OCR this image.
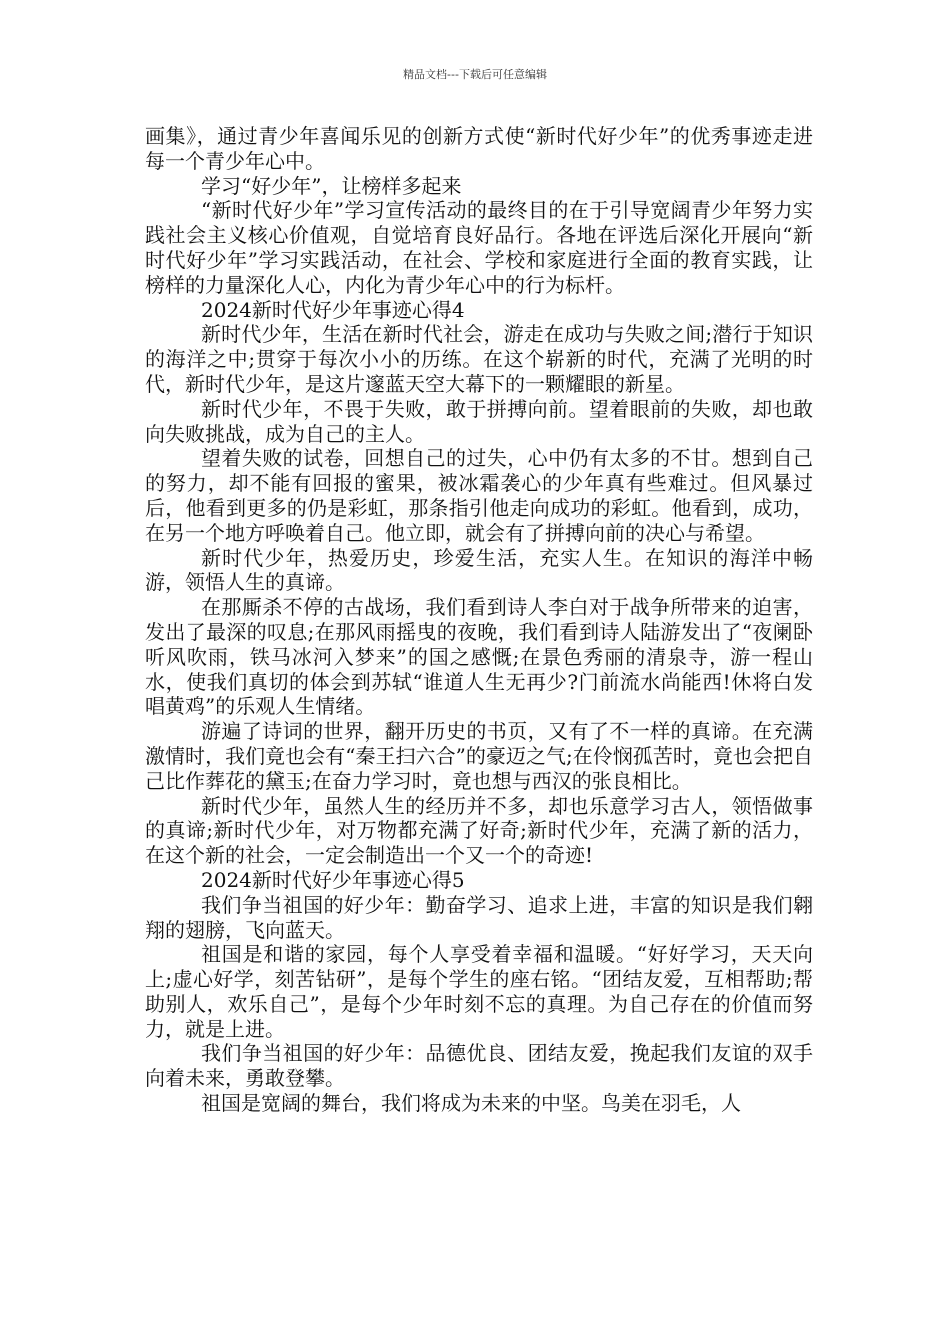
精品文档---下载后可任意编辑

画集》，通过青少年喜闻乐见的创新方式使“新时代好少年”的优秀事迹走进每一个青少年心中。

学习“好少年”，让榜样多起来

“新时代好少年”学习宣传活动的最终目的在于引导宽阔青少年努力实践社会主义核心价值观，自觉培育良好品行。各地在评选后深化开展向“新时代好少年”学习实践活动，在社会、学校和家庭进行全面的教育实践，让榜样的力量深化人心，内化为青少年心中的行为标杆。

2024新时代好少年事迹心得4

新时代少年，生活在新时代社会，游走在成功与失败之间;潜行于知识的海洋之中;贯穿于每次小小的历练。在这个崭新的时代，充满了光明的时代，新时代少年，是这片邃蓝天空大幕下的一颗耀眼的新星。

新时代少年，不畏于失败，敢于拼搏向前。望着眼前的失败，却也敢向失败挑战，成为自己的主人。

望着失败的试卷，回想自己的过失，心中仍有太多的不甘。想到自己的努力，却不能有回报的蜜果，被冰霜袭心的少年真有些难过。但风暴过后，他看到更多的仍是彩虹，那条指引他走向成功的彩虹。他看到，成功，在另一个地方呼唤着自己。他立即，就会有了拼搏向前的决心与希望。

新时代少年，热爱历史，珍爱生活，充实人生。在知识的海洋中畅游，领悟人生的真谛。

在那厮杀不停的古战场，我们看到诗人李白对于战争所带来的迫害，发出了最深的叹息;在那风雨摇曳的夜晚，我们看到诗人陆游发出了“夜阑卧听风吹雨，铁马冰河入梦来”的国之感慨;在景色秀丽的清泉寺，游一程山水，使我们真切的体会到苏轼“谁道人生无再少?门前流水尚能西!休将白发唱黄鸡”的乐观人生情绪。

游遍了诗词的世界，翻开历史的书页，又有了不一样的真谛。在充满激情时，我们竟也会有“秦王扫六合”的豪迈之气;在伶悯孤苦时，竟也会把自己比作葬花的黛玉;在奋力学习时，竟也想与西汉的张良相比。

新时代少年，虽然人生的经历并不多，却也乐意学习古人，领悟做事的真谛;新时代少年，对万物都充满了好奇;新时代少年，充满了新的活力，在这个新的社会，一定会制造出一个又一个的奇迹!

2024新时代好少年事迹心得5

我们争当祖国的好少年：勤奋学习、追求上进，丰富的知识是我们翱翔的翅膀，飞向蓝天。

祖国是和谐的家园，每个人享受着幸福和温暖。“好好学习，天天向上;虚心好学，刻苦钻研”，是每个学生的座右铭。“团结友爱，互相帮助;帮助别人，欢乐自己”，是每个少年时刻不忘的真理。为自己存在的价值而努力，就是上进。

我们争当祖国的好少年：品德优良、团结友爱，挽起我们友谊的双手向着未来，勇敢登攀。

祖国是宽阔的舞台，我们将成为未来的中坚。鸟美在羽毛，人
